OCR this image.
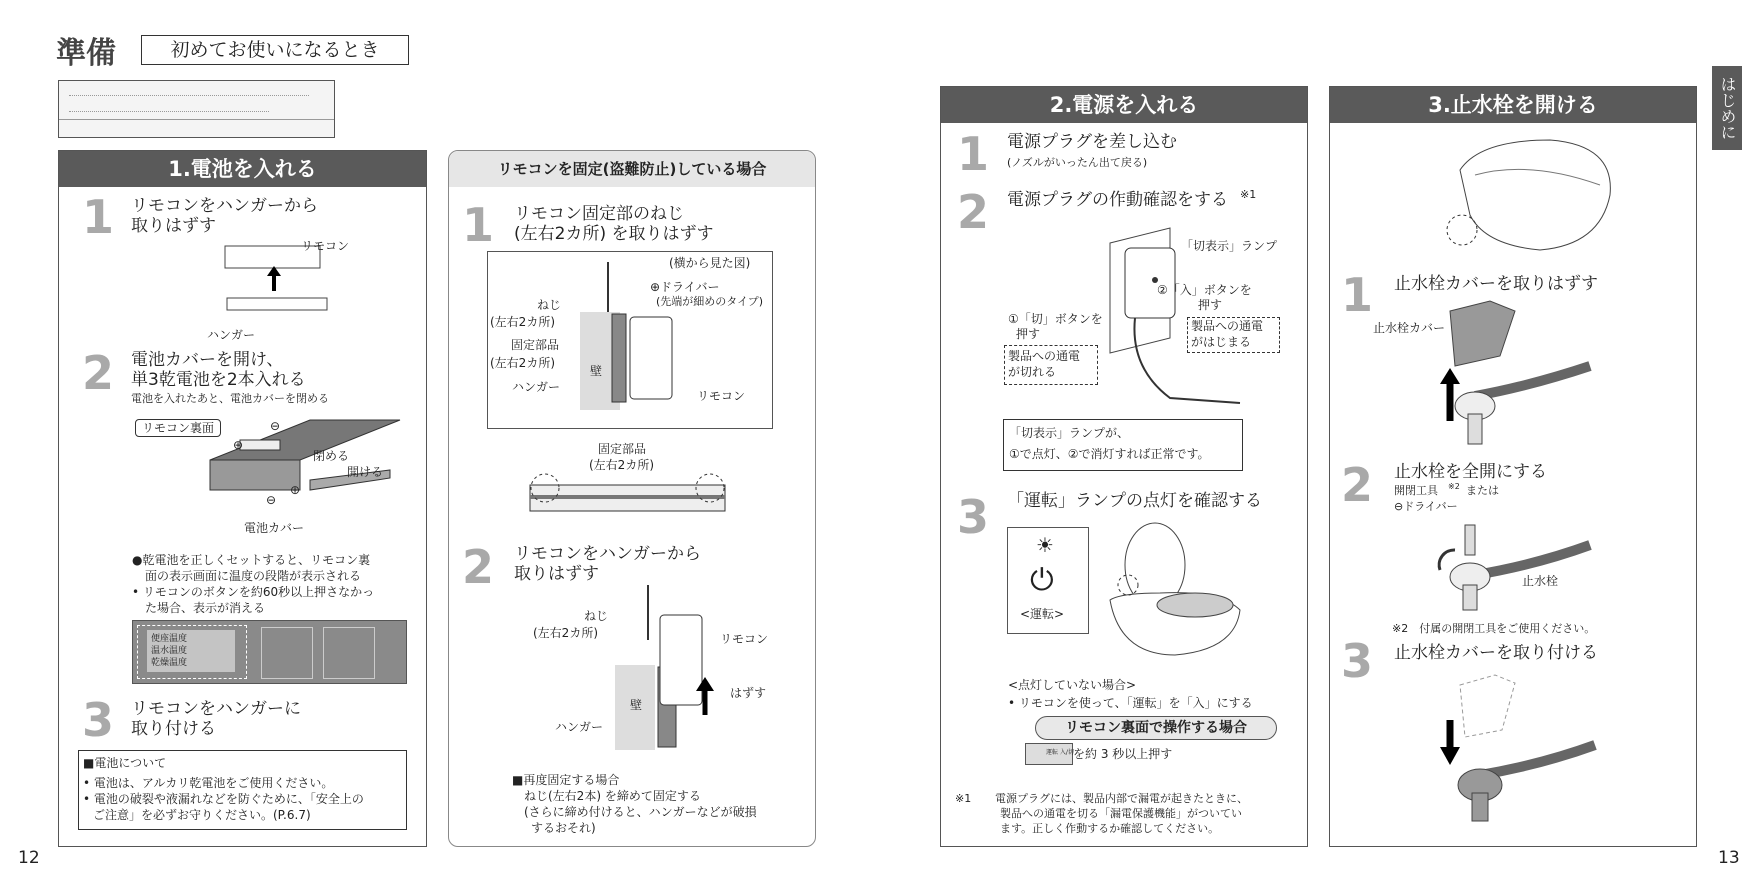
準備	初めてお使いになるとき
1.電池を入れる
1 リモコンをハンガーから
取りはずす
リモコン
ハンガー
2 電池カバーを開け、
単3乾電池を2本入れる
電池を入れたあと、電池カバーを閉める
リモコン裏面
⊕
⊖
閉める
開ける
⊖
⊕
電池カバー
●乾電池を正しくセットすると、リモコン裏
面の表示画面に温度の段階が表示される
• リモコンのボタンを約60秒以上押さなかっ
た場合、表示が消える
便座温度
温水温度
乾燥温度
3 リモコンをハンガーに
取り付ける
■電池について
• 電池は、アルカリ乾電池をご使用ください。
• 電池の破裂や液漏れなどを防ぐために、「安全上の
ご注意」を必ずお守りください。(P.6.7)
12
リモコンを固定(盗難防止)している場合
1 リモコン固定部のねじ
(左右2カ所) を取りはずす
(横から見た図)
⊕ドライバー
(先端が細めのタイプ)
ねじ
(左右2カ所)
固定部品
(左右2カ所)
壁
ハンガー
リモコン
固定部品
(左右2カ所)
2 リモコンをハンガーから
取りはずす
ねじ
(左右2カ所)	リモコン
はずす
壁
ハンガー
■再度固定する場合
ねじ(左右2本) を締めて固定する
(さらに締め付けると、ハンガーなどが破損
するおそれ)
2.電源を入れる
1 電源プラグを差し込む
(ノズルがいったん出て戻る)
2 電源プラグの作動確認をする ※1
「切表示」ランプ
②「入」ボタンを
押す
①「切」ボタンを
押す
製品への通電
がはじまる
製品への通電
が切れる
「切表示」ランプが、
①で点灯、②で消灯すれば正常です。
3 「運転」ランプの点灯を確認する
☀
⏻
<運転>
<点灯していない場合>
• リモコンを使って、「運転」を「入」にする
リモコン裏面で操作する場合
運転 入/切 を約 3 秒以上押す
※1 電源プラグには、製品内部で漏電が起きたときに、
製品への通電を切る「漏電保護機能」がついてい
ます。正しく作動するか確認してください。
3.止水栓を開ける
1 止水栓カバーを取りはずす
止水栓カバー
2 止水栓を全開にする
開閉工具 ※2 または
⊖ドライバー
止水栓
※2　付属の開閉工具をご使用ください。
3 止水栓カバーを取り付ける
はじめに
13
